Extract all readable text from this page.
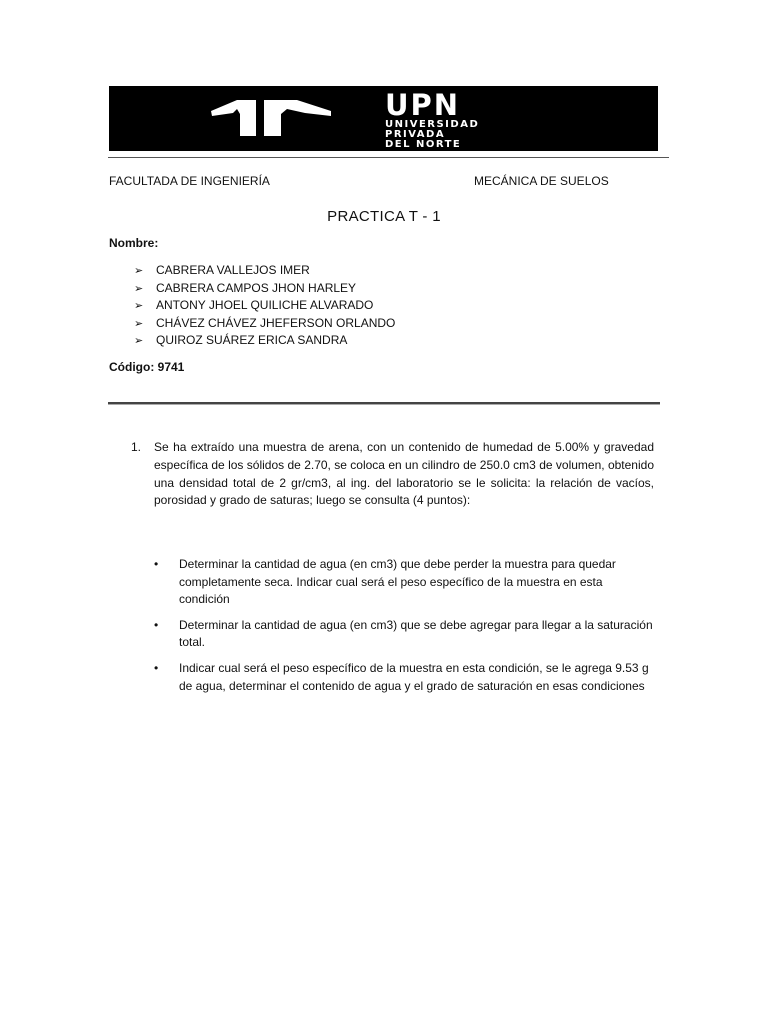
UPN
UNIVERSIDAD
PRIVADA
DEL NORTE
FACULTADA DE INGENIERÍA	MECÁNICA DE SUELOS
PRACTICA T - 1
Nombre:
➢ CABRERA VALLEJOS IMER
➢ CABRERA CAMPOS JHON HARLEY
➢ ANTONY JHOEL QUILICHE ALVARADO
➢ CHÁVEZ CHÁVEZ JHEFERSON ORLANDO
➢ QUIROZ SUÁREZ ERICA SANDRA
Código: 9741
1. Se ha extraído una muestra de arena, con un contenido de humedad de 5.00% y gravedad específica de los sólidos de 2.70, se coloca en un cilindro de 250.0 cm3 de volumen, obtenido una densidad total de 2 gr/cm3, al ing. del laboratorio se le solicita: la relación de vacíos, porosidad y grado de saturas; luego se consulta (4 puntos):
• Determinar la cantidad de agua (en cm3) que debe perder la muestra para quedar completamente seca. Indicar cual será el peso específico de la muestra en esta condición
• Determinar la cantidad de agua (en cm3) que se debe agregar para llegar a la saturación total.
• Indicar cual será el peso específico de la muestra en esta condición, se le agrega 9.53 g de agua, determinar el contenido de agua y el grado de saturación en esas condiciones
